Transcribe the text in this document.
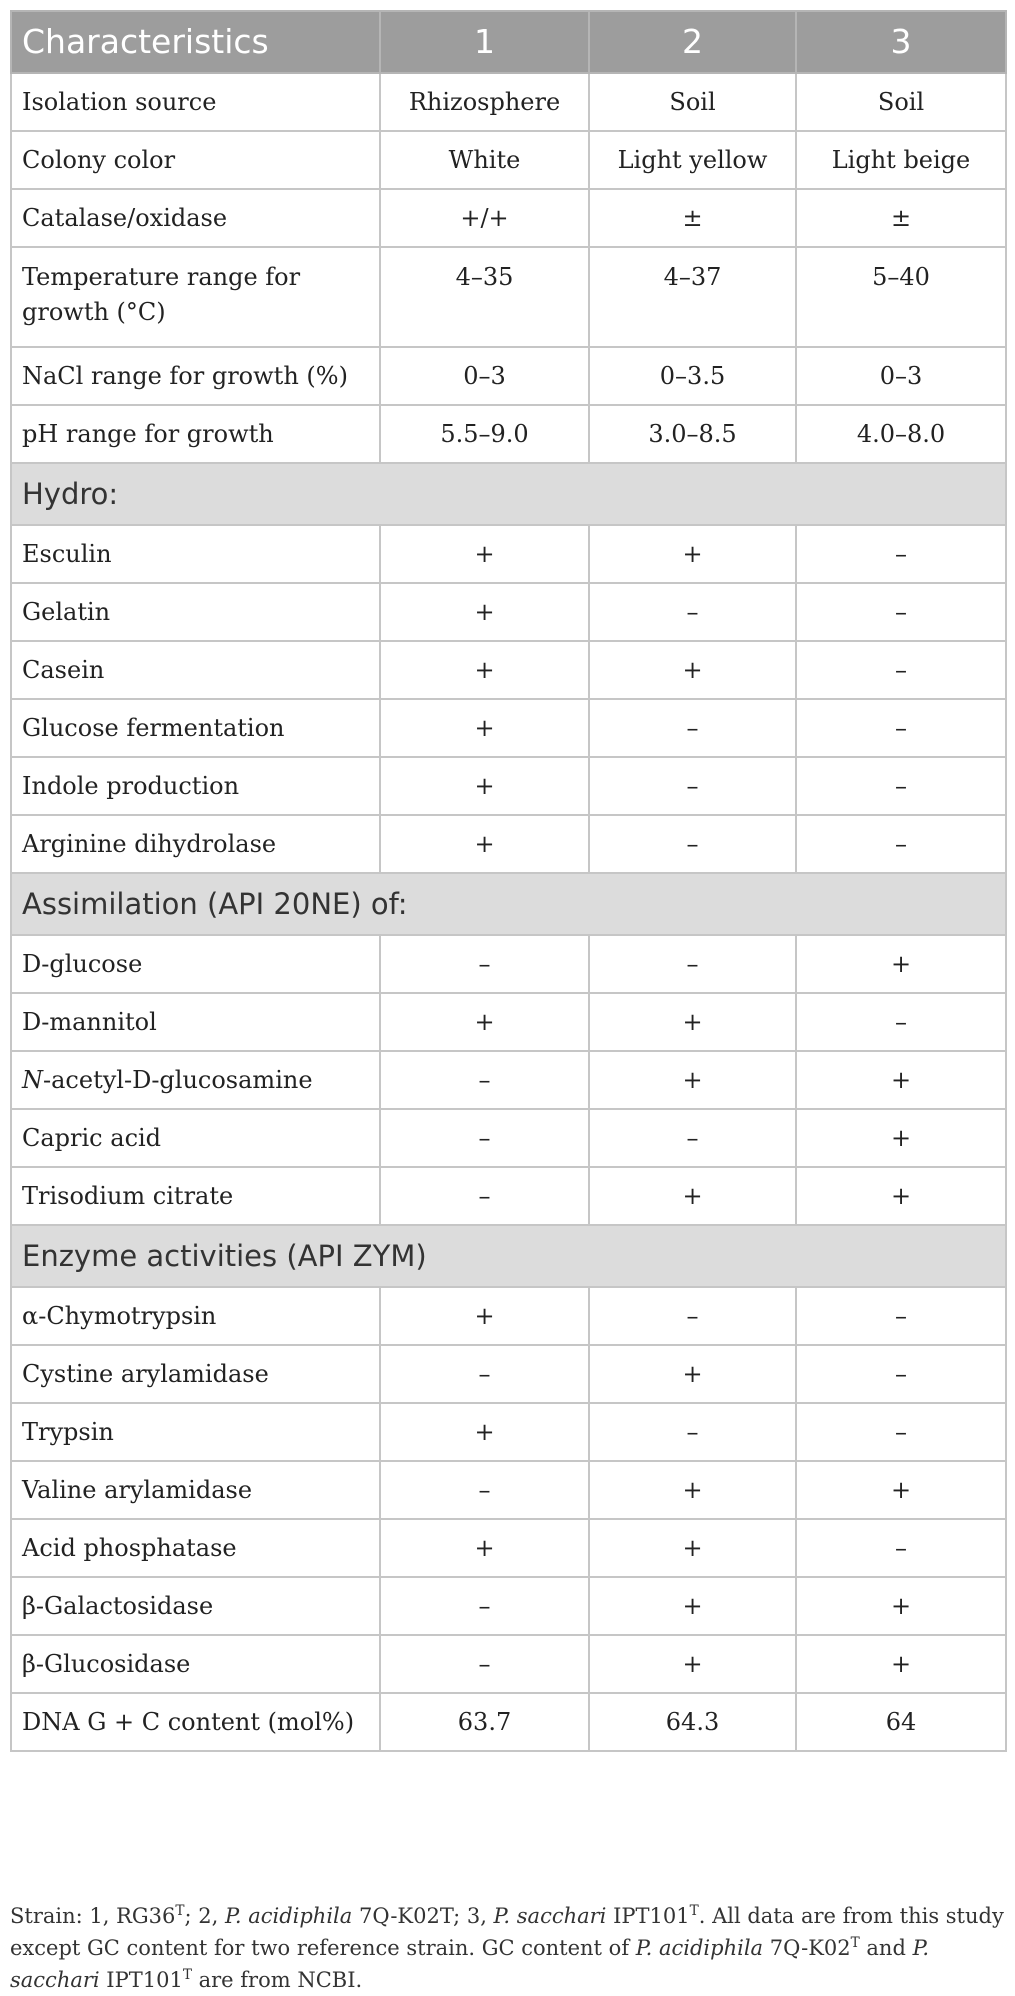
Characteristics	1	2	3
Isolation source	Rhizosphere	Soil	Soil
Colony color	White	Light yellow	Light beige
Catalase/oxidase	+/+	±	±
Temperature range for growth (°C)	4–35	4–37	5–40
NaCl range for growth (%)	0–3	0–3.5	0–3
pH range for growth	5.5–9.0	3.0–8.5	4.0–8.0
Hydro:			
Esculin	+	+	–
Gelatin	+	–	–
Casein	+	+	–
Glucose fermentation	+	–	–
Indole production	+	–	–
Arginine dihydrolase	+	–	–
Assimilation (API 20NE) of:			
D-glucose	–	–	+
D-mannitol	+	+	–
N-acetyl-D-glucosamine	–	+	+
Capric acid	–	–	+
Trisodium citrate	–	+	+
Enzyme activities (API ZYM)			
α-Chymotrypsin	+	–	–
Cystine arylamidase	–	+	–
Trypsin	+	–	–
Valine arylamidase	–	+	+
Acid phosphatase	+	+	–
β-Galactosidase	–	+	+
β-Glucosidase	–	+	+
DNA G + C content (mol%)	63.7	64.3	64

Strain: 1, $RG36^T$; 2, P. acidiphila 7Q-K02T; 3, P. sacchari $IPT101^T$. All data are from this study except GC content for two reference strain. GC content of P. acidiphila $7Q-K02^T$ and P. sacchari $IPT101^T$ are from NCBI.
